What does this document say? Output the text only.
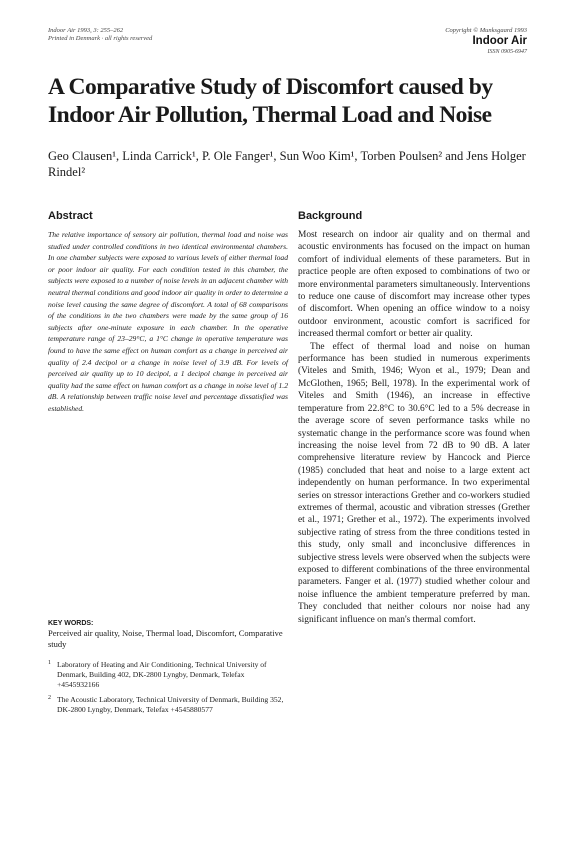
Indoor Air 1993, 3: 255–262
Printed in Denmark · all rights reserved
Copyright © Munksgaard 1993
Indoor Air
ISSN 0905-6947
A Comparative Study of Discomfort caused by Indoor Air Pollution, Thermal Load and Noise

Geo Clausen¹, Linda Carrick¹, P. Ole Fanger¹, Sun Woo Kim¹, Torben Poulsen² and Jens Holger Rindel²

Abstract

The relative importance of sensory air pollution, thermal load and noise was studied under controlled conditions in two identical environmental chambers. In one chamber subjects were exposed to various levels of either thermal load or poor indoor air quality. For each condition tested in this chamber, the subjects were exposed to a number of noise levels in an adjacent chamber with neutral thermal conditions and good indoor air quality in order to determine a noise level causing the same degree of discomfort. A total of 68 comparisons of the conditions in the two chambers were made by the same group of 16 subjects after one-minute exposure in each chamber. In the operative temperature range of 23–29°C, a 1°C change in operative temperature was found to have the same effect on human comfort as a change in perceived air quality of 2.4 decipol or a change in noise level of 3.9 dB. For levels of perceived air quality up to 10 decipol, a 1 decipol change in perceived air quality had the same effect on human comfort as a change in noise level of 1.2 dB. A relationship between traffic noise level and percentage dissatisfied was established.

KEY WORDS:

Perceived air quality, Noise, Thermal load, Discomfort, Comparative study

1 Laboratory of Heating and Air Conditioning, Technical University of Denmark, Building 402, DK-2800 Lyngby, Denmark, Telefax +4545932166

2 The Acoustic Laboratory, Technical University of Denmark, Building 352, DK-2800 Lyngby, Denmark, Telefax +4545880577

Background

Most research on indoor air quality and on thermal and acoustic environments has focused on the impact on human comfort of individual elements of these parameters. But in practice people are often exposed to combinations of two or more environmental parameters simultaneously. Interventions to reduce one cause of discomfort may increase other types of discomfort. When opening an office window to a noisy outdoor environment, acoustic comfort is sacrificed for increased thermal comfort or better air quality.

The effect of thermal load and noise on human performance has been studied in numerous experiments (Viteles and Smith, 1946; Wyon et al., 1979; Dean and McGlothen, 1965; Bell, 1978). In the experimental work of Viteles and Smith (1946), an increase in effective temperature from 22.8°C to 30.6°C led to a 5% decrease in the average score of seven performance tasks while no systematic change in the performance score was found when increasing the noise level from 72 dB to 90 dB. A later comprehensive literature review by Hancock and Pierce (1985) concluded that heat and noise to a large extent act independently on human performance. In two experimental series on stressor interactions Grether and co-workers studied extremes of thermal, acoustic and vibration stresses (Grether et al., 1971; Grether et al., 1972). The experiments involved subjective rating of stress from the three conditions tested in this study, only small and inconclusive differences in subjective stress levels were observed when the subjects were exposed to different combinations of the three environmental parameters. Fanger et al. (1977) studied whether colour and noise influence the ambient temperature preferred by man. They concluded that neither colours nor noise had any significant influence on man's thermal comfort.
